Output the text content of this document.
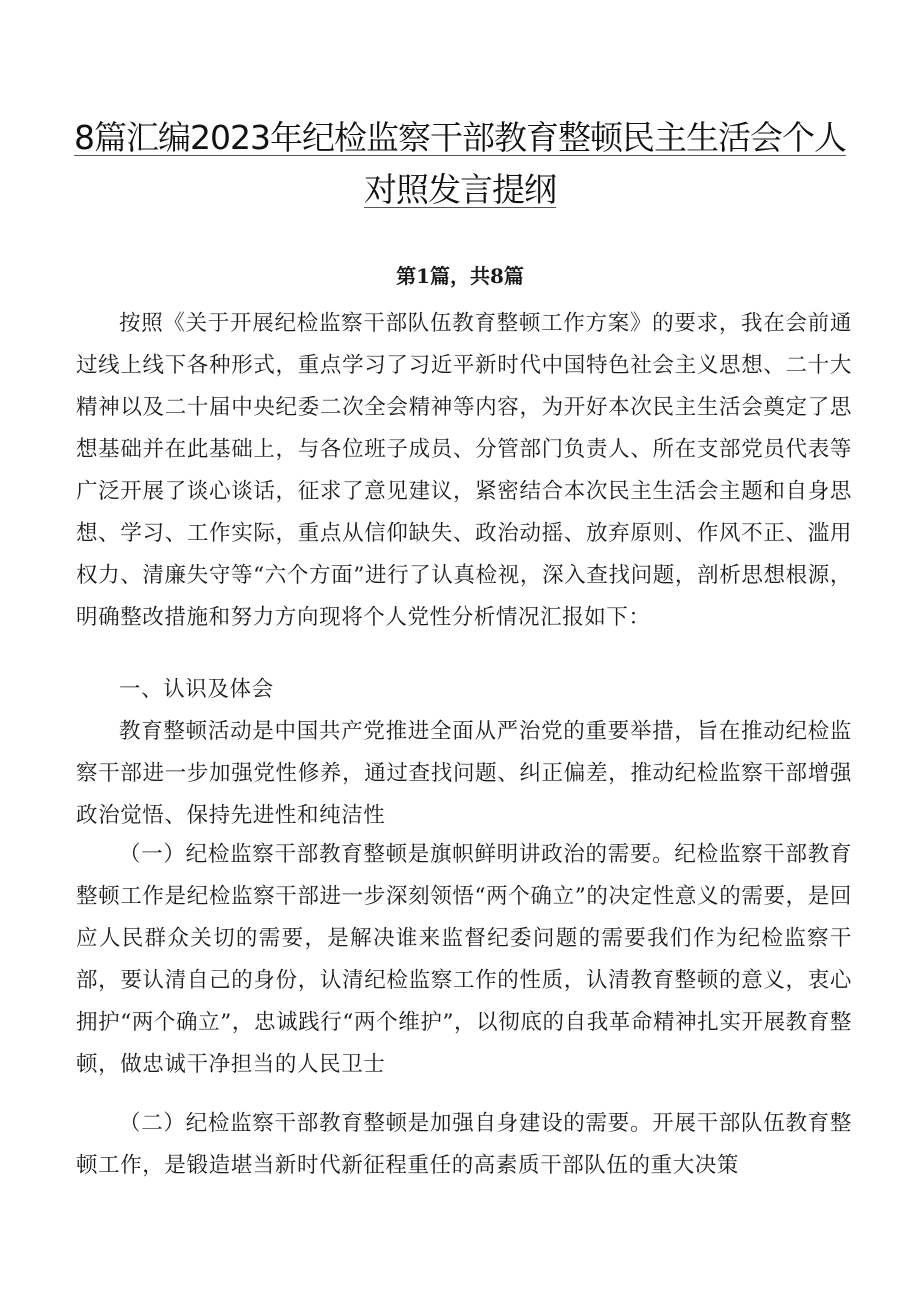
8篇汇编2023年纪检监察干部教育整顿民主生活会个人对照发言提纲

第1篇，共8篇

按照《关于开展纪检监察干部队伍教育整顿工作方案》的要求，我在会前通过线上线下各种形式，重点学习了习近平新时代中国特色社会主义思想、二十大精神以及二十届中央纪委二次全会精神等内容，为开好本次民主生活会奠定了思想基础并在此基础上，与各位班子成员、分管部门负责人、所在支部党员代表等广泛开展了谈心谈话，征求了意见建议，紧密结合本次民主生活会主题和自身思想、学习、工作实际，重点从信仰缺失、政治动摇、放弃原则、作风不正、滥用权力、清廉失守等“六个方面”进行了认真检视，深入查找问题，剖析思想根源，明确整改措施和努力方向现将个人党性分析情况汇报如下：

一、认识及体会

教育整顿活动是中国共产党推进全面从严治党的重要举措，旨在推动纪检监察干部进一步加强党性修养，通过查找问题、纠正偏差，推动纪检监察干部增强政治觉悟、保持先进性和纯洁性

（一）纪检监察干部教育整顿是旗帜鲜明讲政治的需要。纪检监察干部教育整顿工作是纪检监察干部进一步深刻领悟“两个确立”的决定性意义的需要，是回应人民群众关切的需要，是解决谁来监督纪委问题的需要我们作为纪检监察干部，要认清自己的身份，认清纪检监察工作的性质，认清教育整顿的意义，衷心拥护“两个确立”，忠诚践行“两个维护”，以彻底的自我革命精神扎实开展教育整顿，做忠诚干净担当的人民卫士

（二）纪检监察干部教育整顿是加强自身建设的需要。开展干部队伍教育整顿工作，是锻造堪当新时代新征程重任的高素质干部队伍的重大决策
